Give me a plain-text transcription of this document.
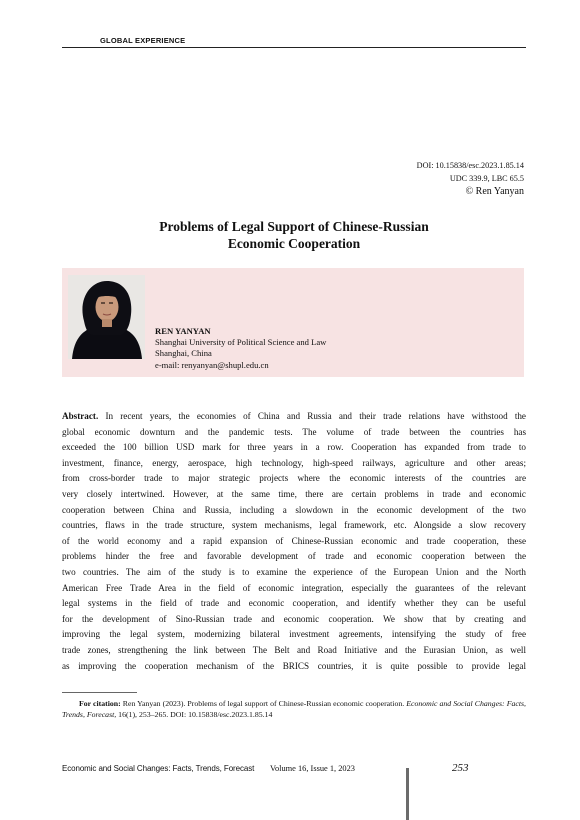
GLOBAL EXPERIENCE
DOI: 10.15838/esc.2023.1.85.14
UDC 339.9, LBC 65.5
© Ren Yanyan
Problems of Legal Support of Chinese-Russian
Economic Cooperation
REN YANYAN
Shanghai University of Political Science and Law
Shanghai, China
e-mail: renyanyan@shupl.edu.cn
Abstract. In recent years, the economies of China and Russia and their trade relations have withstood the
global economic downturn and the pandemic tests. The volume of trade between the countries has
exceeded the 100 billion USD mark for three years in a row. Cooperation has expanded from trade to
investment, finance, energy, aerospace, high technology, high-speed railways, agriculture and other areas;
from cross-border trade to major strategic projects where the economic interests of the countries are
very closely intertwined. However, at the same time, there are certain problems in trade and economic
cooperation between China and Russia, including a slowdown in the economic development of the two
countries, flaws in the trade structure, system mechanisms, legal framework, etc. Alongside a slow recovery
of the world economy and a rapid expansion of Chinese-Russian economic and trade cooperation, these
problems hinder the free and favorable development of trade and economic cooperation between the
two countries. The aim of the study is to examine the experience of the European Union and the North
American Free Trade Area in the field of economic integration, especially the guarantees of the relevant
legal systems in the field of trade and economic cooperation, and identify whether they can be useful
for the development of Sino-Russian trade and economic cooperation. We show that by creating and
improving the legal system, modernizing bilateral investment agreements, intensifying the study of free
trade zones, strengthening the link between The Belt and Road Initiative and the Eurasian Union, as well
as improving the cooperation mechanism of the BRICS countries, it is quite possible to provide legal
For citation: Ren Yanyan (2023). Problems of legal support of Chinese-Russian economic cooperation. Economic and Social Changes: Facts, Trends, Forecast, 16(1), 253–265. DOI: 10.15838/esc.2023.1.85.14
Economic and Social Changes: Facts, Trends, Forecast Volume 16, Issue 1, 2023	253
